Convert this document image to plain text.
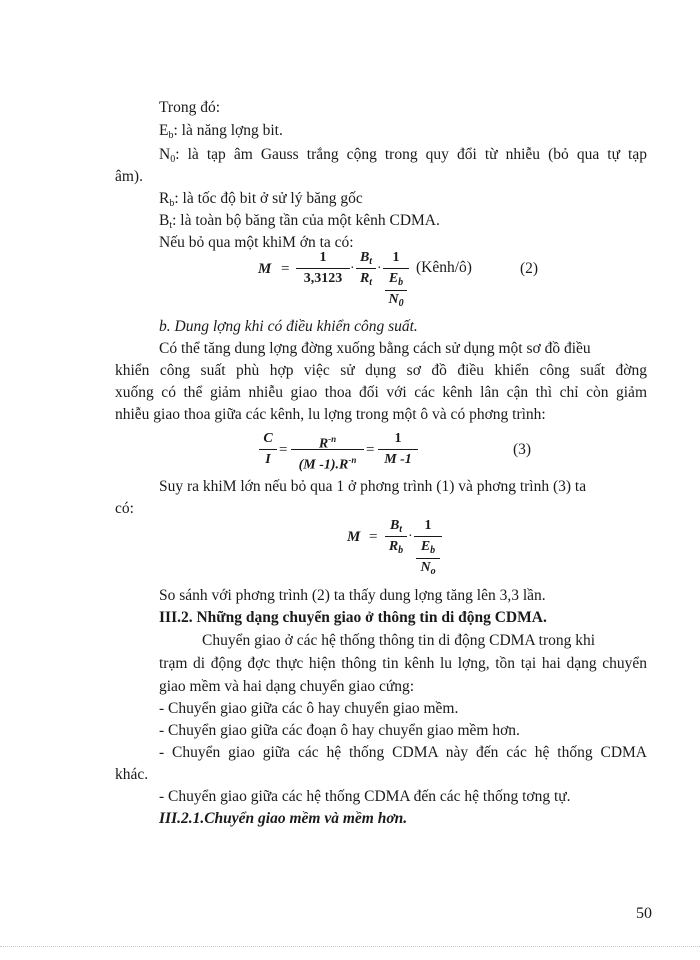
Trong đó:
$E_b$: là năng lợng bit.
$N_0$: là tạp âm Gauss trắng cộng trong quy đổi từ nhiễu (bỏ qua tự tạp
âm).
$R_b$: là tốc độ bit ở sử lý băng gốc
$B_t$: là toàn bộ băng tần của một kênh CDMA.
Nếu bỏ qua một khiM ớn ta có:
M =
1
3,3123
·
$B_t$
$R_t$
·
1
$E_b$
$N_0$
(Kênh/ô)	(2)
b. Dung lợng khi có điều khiển công suất.
Có thể tăng dung lợng đờng xuống bằng cách sử dụng một sơ đồ điều
khiển công suất phù hợp việc sử dụng sơ đồ điều khiển công suất đờng
xuống có thể giảm nhiễu giao thoa đối với các kênh lân cận thì chỉ còn giảm
nhiễu giao thoa giữa các kênh, lu lợng trong một ô và có phơng trình:
C
I
=	$R^{-n}$
(M $-1).R^{-n}$
=
1
M -1
(3)
Suy ra khiM lớn nếu bỏ qua 1 ở phơng trình (1) và phơng trình (3) ta
có:
M =
$B_t$
$R_b$
·
1
$E_b$
$N_o$
So sánh với phơng trình (2) ta thấy dung lợng tăng lên 3,3 lần.
III.2. Những dạng chuyển giao ở thông tin di động CDMA.
Chuyển giao ở các hệ thống thông tin di động CDMA trong khi
trạm di động đợc thực hiện thông tin kênh lu lợng, tồn tại hai dạng chuyển
giao mềm và hai dạng chuyển giao cứng:
- Chuyển giao giữa các ô hay chuyển giao mềm.
- Chuyển giao giữa các đoạn ô hay chuyển giao mềm hơn.
- Chuyển giao giữa các hệ thống CDMA này đến các hệ thống CDMA
khác.
- Chuyển giao giữa các hệ thống CDMA đến các hệ thống tơng tự.
III.2.1.Chuyển giao mềm và mềm hơn.
50
